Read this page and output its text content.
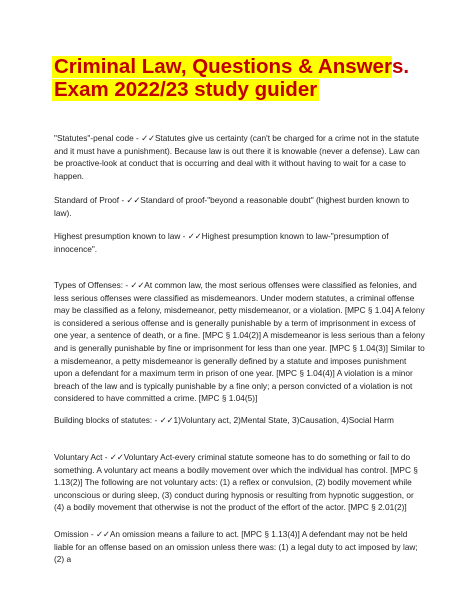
Criminal Law, Questions & Answers.
Exam 2022/23 study guider
"Statutes"-penal code - ✓✓Statutes give us certainty (can't be charged for a crime not in the statute and it must have a punishment). Because law is out there it is knowable (never a defense). Law can be proactive-look at conduct that is occurring and deal with it without having to wait for a case to happen.
Standard of Proof - ✓✓Standard of proof-"beyond a reasonable doubt" (highest burden known to law).
Highest presumption known to law - ✓✓Highest presumption known to law-"presumption of innocence".
Types of Offenses: - ✓✓At common law, the most serious offenses were classified as felonies, and less serious offenses were classified as misdemeanors. Under modern statutes, a criminal offense may be classified as a felony, misdemeanor, petty misdemeanor, or a violation. [MPC § 1.04] A felony is considered a serious offense and is generally punishable by a term of imprisonment in excess of one year, a sentence of death, or a fine. [MPC § 1.04(2)] A misdemeanor is less serious than a felony and is generally punishable by fine or imprisonment for less than one year. [MPC § 1.04(3)] Similar to a misdemeanor, a petty misdemeanor is generally defined by a statute and imposes punishment upon a defendant for a maximum term in prison of one year. [MPC § 1.04(4)] A violation is a minor breach of the law and is typically punishable by a fine only; a person convicted of a violation is not considered to have committed a crime. [MPC § 1.04(5)]
Building blocks of statutes: - ✓✓1)Voluntary act, 2)Mental State, 3)Causation, 4)Social Harm
Voluntary Act - ✓✓Voluntary Act-every criminal statute someone has to do something or fail to do something. A voluntary act means a bodily movement over which the individual has control. [MPC § 1.13(2)] The following are not voluntary acts: (1) a reflex or convulsion, (2) bodily movement while unconscious or during sleep, (3) conduct during hypnosis or resulting from hypnotic suggestion, or (4) a bodily movement that otherwise is not the product of the effort of the actor. [MPC § 2.01(2)]
Omission - ✓✓An omission means a failure to act. [MPC § 1.13(4)] A defendant may not be held liable for an offense based on an omission unless there was: (1) a legal duty to act imposed by law; (2) a
